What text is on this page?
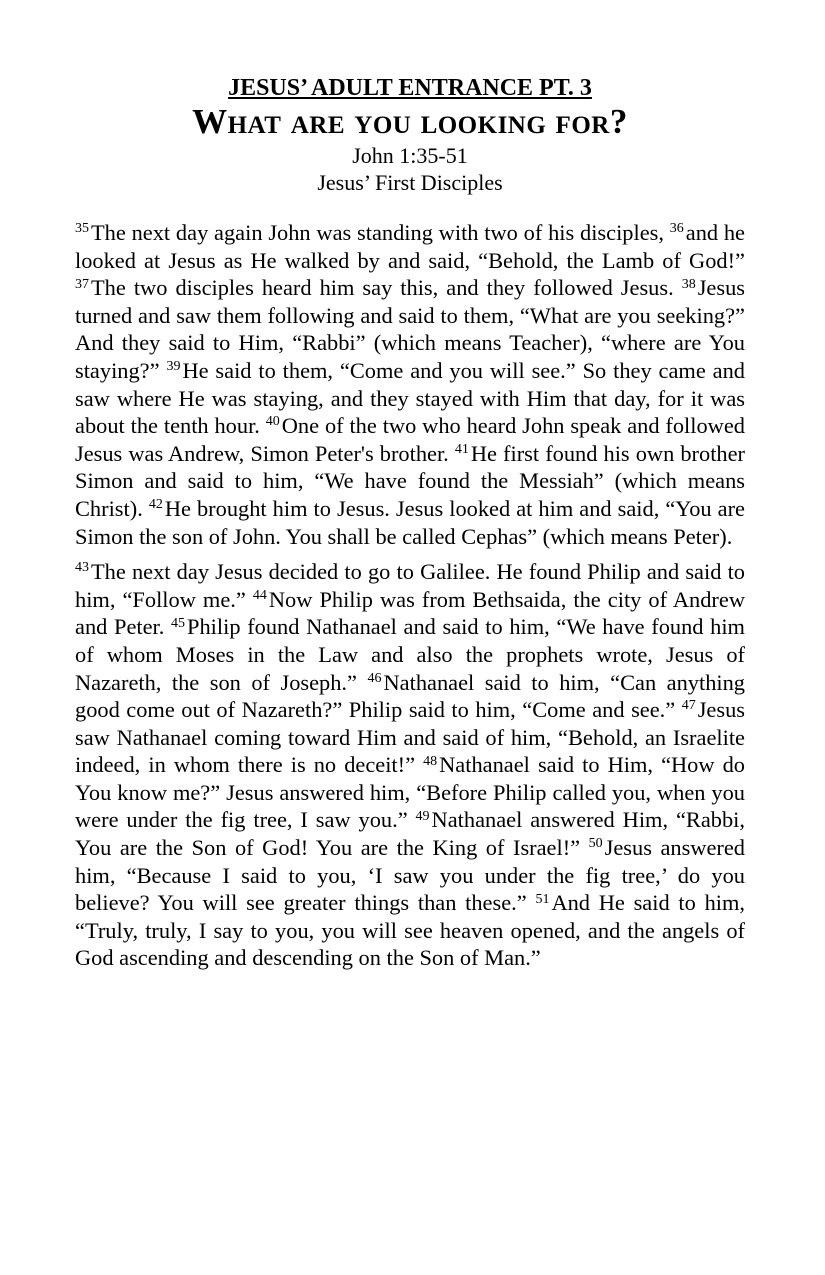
JESUS’ ADULT ENTRANCE PT. 3
What are you looking for?
John 1:35-51
Jesus’ First Disciples

$^{35}$The next day again John was standing with two of his disciples, $^{36}$and he looked at Jesus as He walked by and said, “Behold, the Lamb of God!” $^{37}$The two disciples heard him say this, and they followed Jesus. $^{38}$Jesus turned and saw them following and said to them, “What are you seeking?” And they said to Him, “Rabbi” (which means Teacher), “where are You staying?” $^{39}$He said to them, “Come and you will see.” So they came and saw where He was staying, and they stayed with Him that day, for it was about the tenth hour. $^{40}$One of the two who heard John speak and followed Jesus was Andrew, Simon Peter's brother. $^{41}$He first found his own brother Simon and said to him, “We have found the Messiah” (which means Christ). $^{42}$He brought him to Jesus. Jesus looked at him and said, “You are Simon the son of John. You shall be called Cephas” (which means Peter).

$^{43}$The next day Jesus decided to go to Galilee. He found Philip and said to him, “Follow me.” $^{44}$Now Philip was from Bethsaida, the city of Andrew and Peter. $^{45}$Philip found Nathanael and said to him, “We have found him of whom Moses in the Law and also the prophets wrote, Jesus of Nazareth, the son of Joseph.” $^{46}$Nathanael said to him, “Can anything good come out of Nazareth?” Philip said to him, “Come and see.” $^{47}$Jesus saw Nathanael coming toward Him and said of him, “Behold, an Israelite indeed, in whom there is no deceit!” $^{48}$Nathanael said to Him, “How do You know me?” Jesus answered him, “Before Philip called you, when you were under the fig tree, I saw you.” $^{49}$Nathanael answered Him, “Rabbi, You are the Son of God! You are the King of Israel!” $^{50}$Jesus answered him, “Because I said to you, ‘I saw you under the fig tree,’ do you believe? You will see greater things than these.” $^{51}$And He said to him, “Truly, truly, I say to you, you will see heaven opened, and the angels of God ascending and descending on the Son of Man.”
